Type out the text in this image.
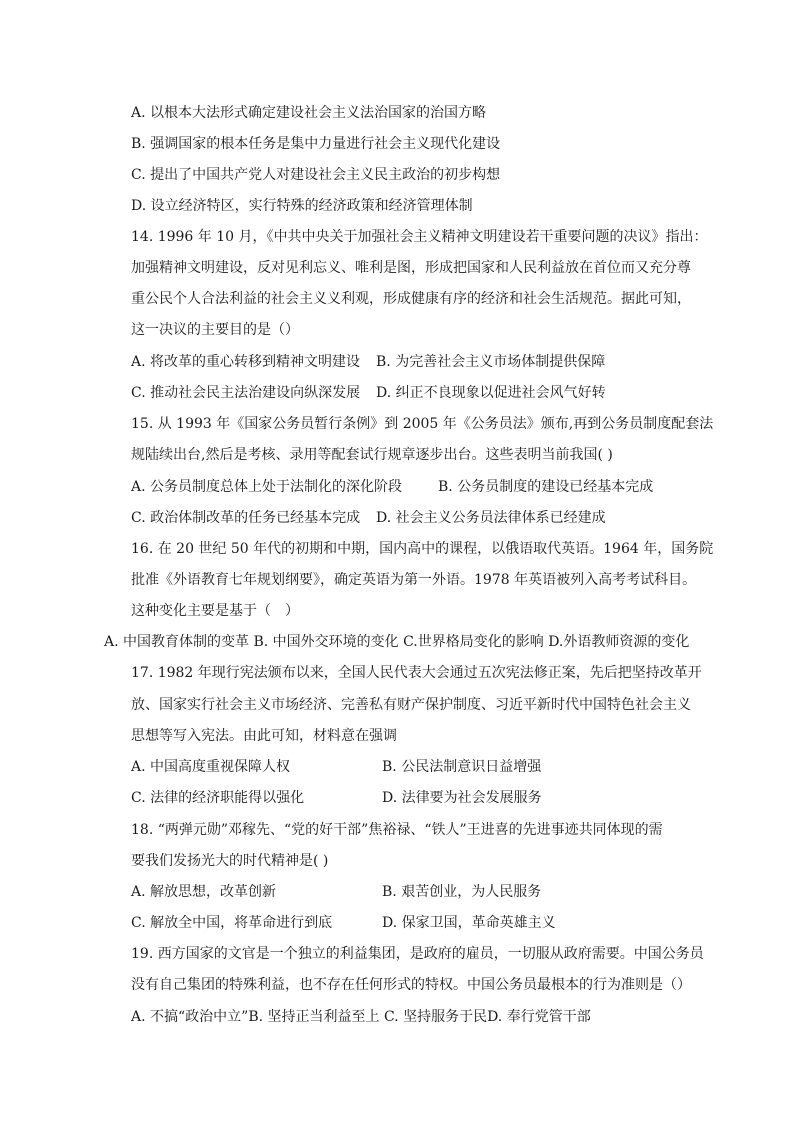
A. 以根本大法形式确定建设社会主义法治国家的治国方略
B. 强调国家的根本任务是集中力量进行社会主义现代化建设
C. 提出了中国共产党人对建设社会主义民主政治的初步构想
D. 设立经济特区，实行特殊的经济政策和经济管理体制
14. 1996 年 10 月，《中共中央关于加强社会主义精神文明建设若干重要问题的决议》指出：
加强精神文明建设，反对见利忘义、唯利是图，形成把国家和人民利益放在首位而又充分尊
重公民个人合法利益的社会主义义利观，形成健康有序的经济和社会生活规范。据此可知，
这一决议的主要目的是（）
A. 将改革的重心转移到精神文明建设 B. 为完善社会主义市场体制提供保障
C. 推动社会民主法治建设向纵深发展 D. 纠正不良现象以促进社会风气好转
15. 从 1993 年《国家公务员暂行条例》到 2005 年《公务员法》颁布,再到公务员制度配套法
规陆续出台,然后是考核、录用等配套试行规章逐步出台。这些表明当前我国( )
A. 公务员制度总体上处于法制化的深化阶段	B. 公务员制度的建设已经基本完成
C. 政治体制改革的任务已经基本完成 D. 社会主义公务员法律体系已经建成
16. 在 20 世纪 50 年代的初期和中期，国内高中的课程，以俄语取代英语。1964 年，国务院
批准《外语教育七年规划纲要》，确定英语为第一外语。1978 年英语被列入高考考试科目。
这种变化主要是基于（　）
A. 中国教育体制的变革 B. 中国外交环境的变化 C.世界格局变化的影响 D.外语教师资源的变化
17. 1982 年现行宪法颁布以来，全国人民代表大会通过五次宪法修正案，先后把坚持改革开
放、国家实行社会主义市场经济、完善私有财产保护制度、习近平新时代中国特色社会主义
思想等写入宪法。由此可知，材料意在强调
A. 中国高度重视保障人权	B. 公民法制意识日益增强
C. 法律的经济职能得以强化	D. 法律要为社会发展服务
18. “两弹元勋”邓稼先、“党的好干部”焦裕禄、“铁人”王进喜的先进事迹共同体现的需
要我们发扬光大的时代精神是( )
A. 解放思想，改革创新	B. 艰苦创业，为人民服务
C. 解放全中国，将革命进行到底	D. 保家卫国，革命英雄主义
19. 西方国家的文官是一个独立的利益集团，是政府的雇员，一切服从政府需要。中国公务员
没有自己集团的特殊利益，也不存在任何形式的特权。中国公务员最根本的行为准则是（）
A. 不搞“政治中立”B. 坚持正当利益至上 C. 坚持服务于民D. 奉行党管干部
